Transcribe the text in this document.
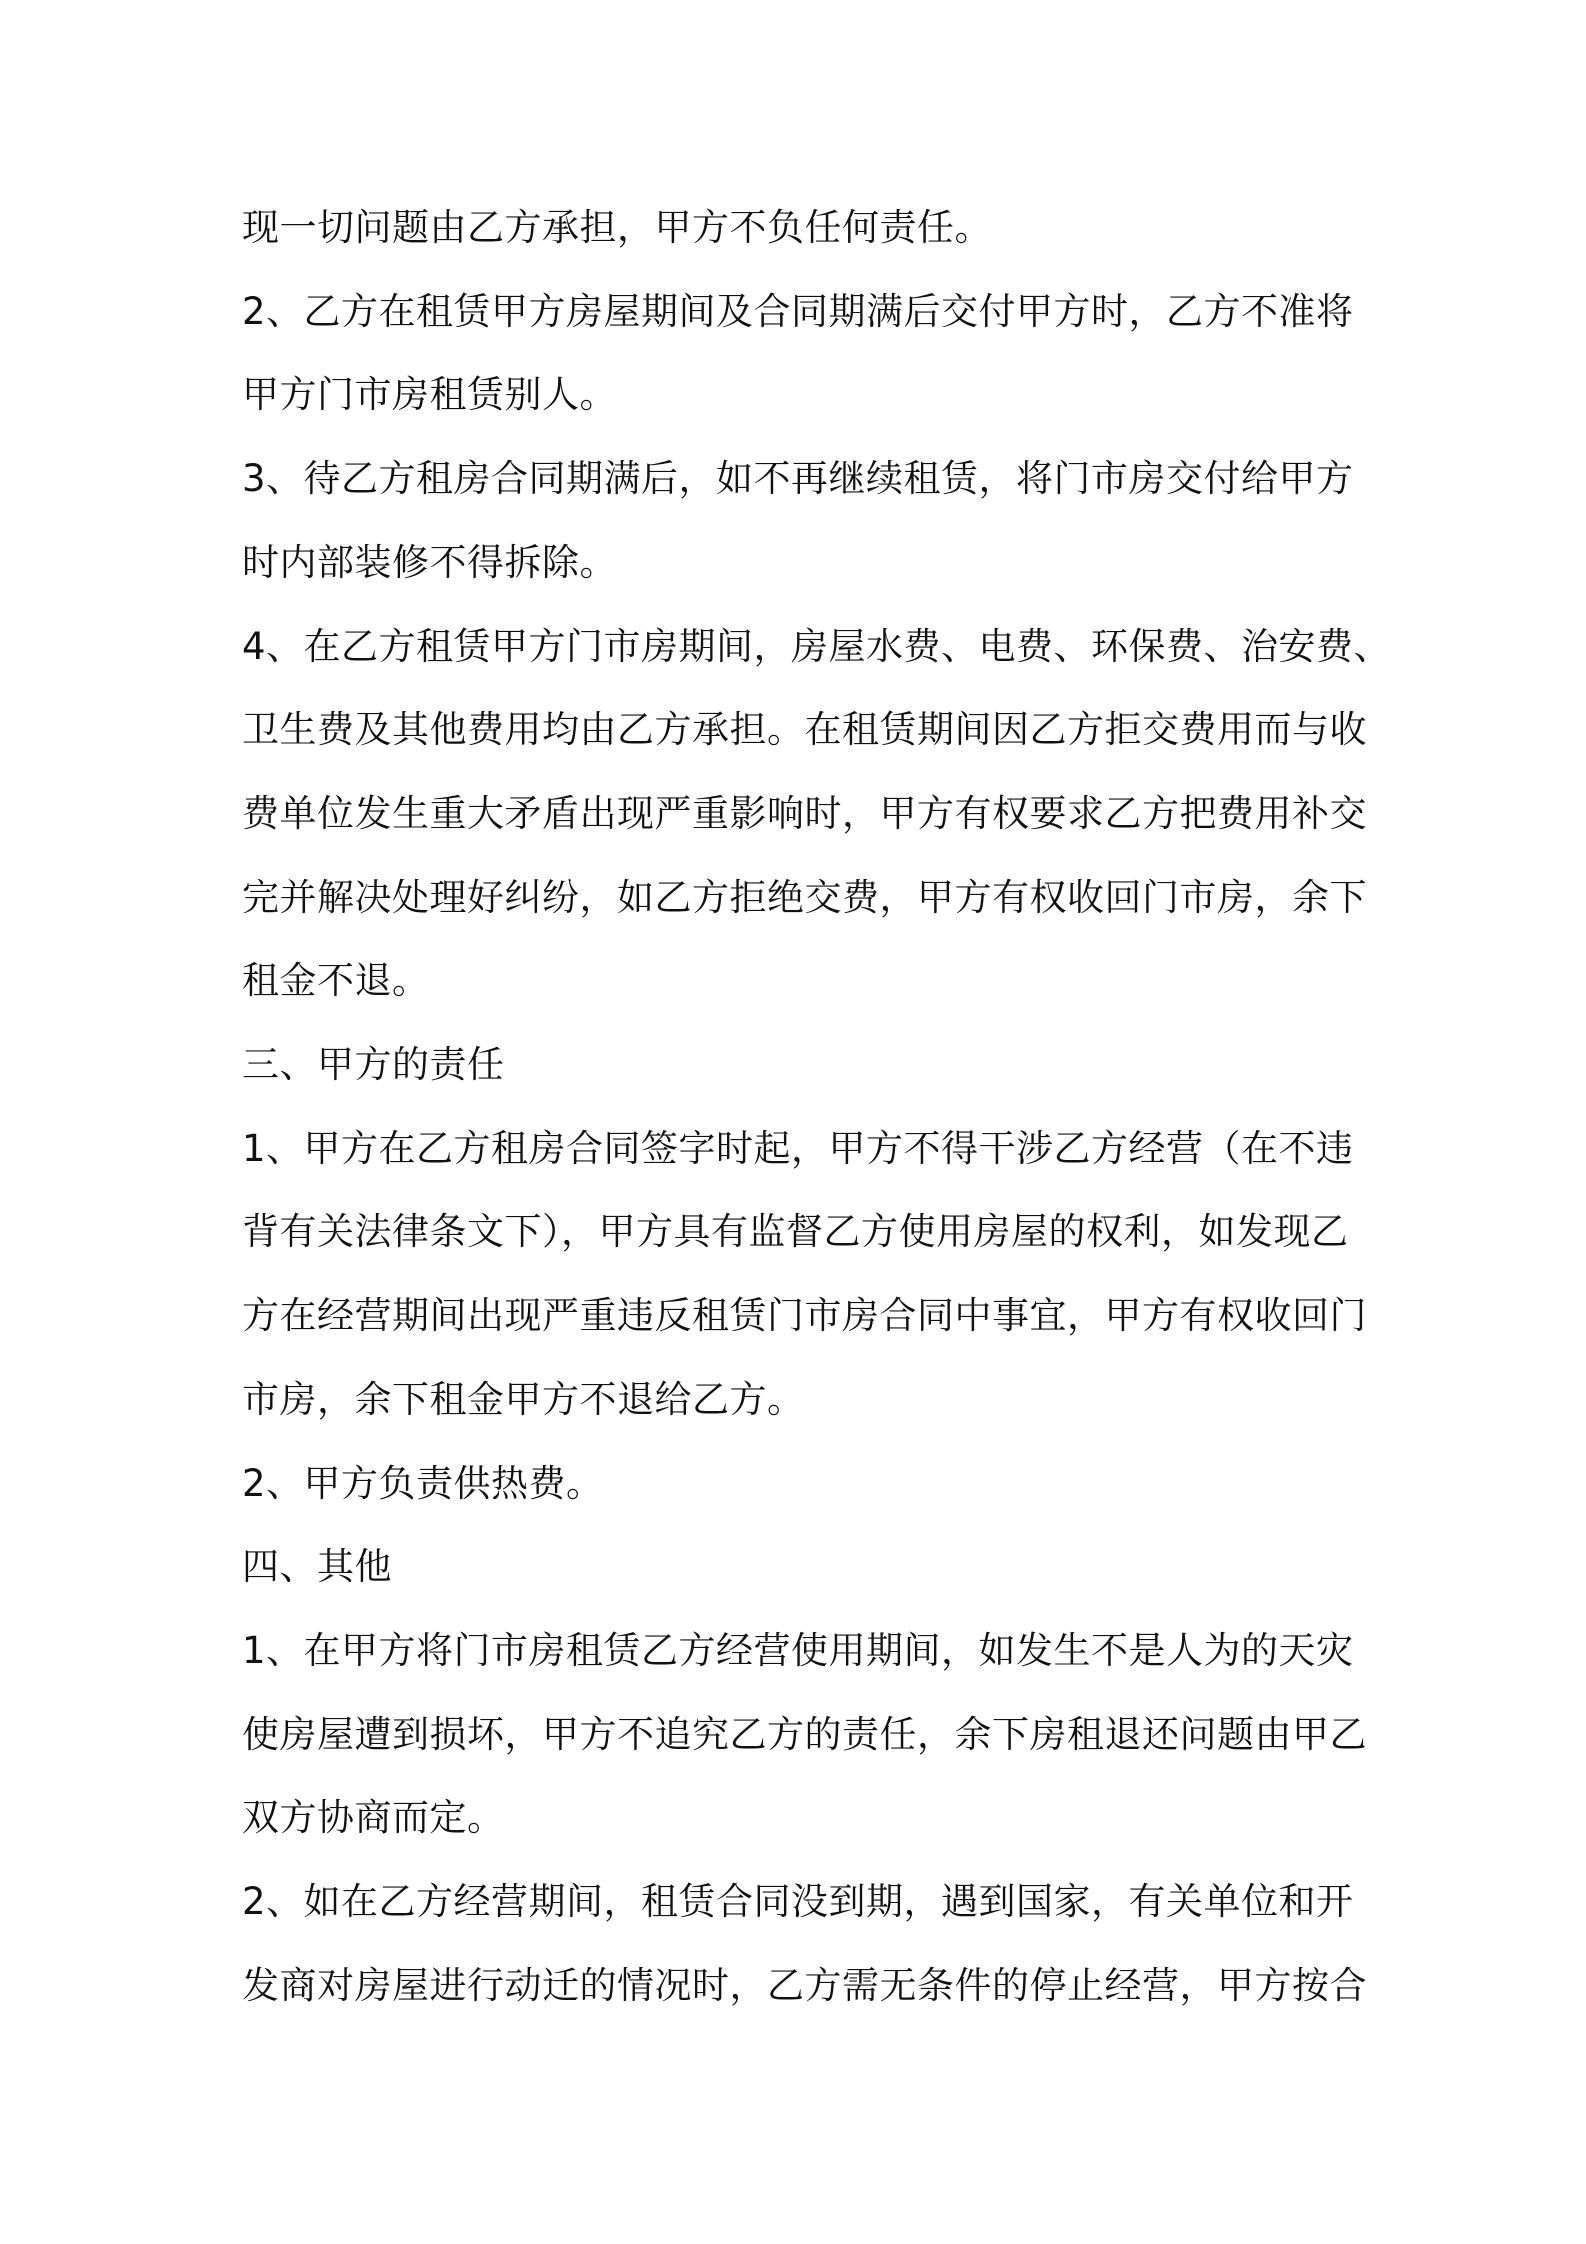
现一切问题由乙方承担，甲方不负任何责任。
2、乙方在租赁甲方房屋期间及合同期满后交付甲方时，乙方不准将
甲方门市房租赁别人。
3、待乙方租房合同期满后，如不再继续租赁，将门市房交付给甲方
时内部装修不得拆除。
4、在乙方租赁甲方门市房期间，房屋水费、电费、环保费、治安费、
卫生费及其他费用均由乙方承担。在租赁期间因乙方拒交费用而与收
费单位发生重大矛盾出现严重影响时，甲方有权要求乙方把费用补交
完并解决处理好纠纷，如乙方拒绝交费，甲方有权收回门市房，余下
租金不退。
三、甲方的责任
1、甲方在乙方租房合同签字时起，甲方不得干涉乙方经营（在不违
背有关法律条文下），甲方具有监督乙方使用房屋的权利，如发现乙
方在经营期间出现严重违反租赁门市房合同中事宜，甲方有权收回门
市房，余下租金甲方不退给乙方。
2、甲方负责供热费。
四、其他
1、在甲方将门市房租赁乙方经营使用期间，如发生不是人为的天灾
使房屋遭到损坏，甲方不追究乙方的责任，余下房租退还问题由甲乙
双方协商而定。
2、如在乙方经营期间，租赁合同没到期，遇到国家，有关单位和开
发商对房屋进行动迁的情况时，乙方需无条件的停止经营，甲方按合
